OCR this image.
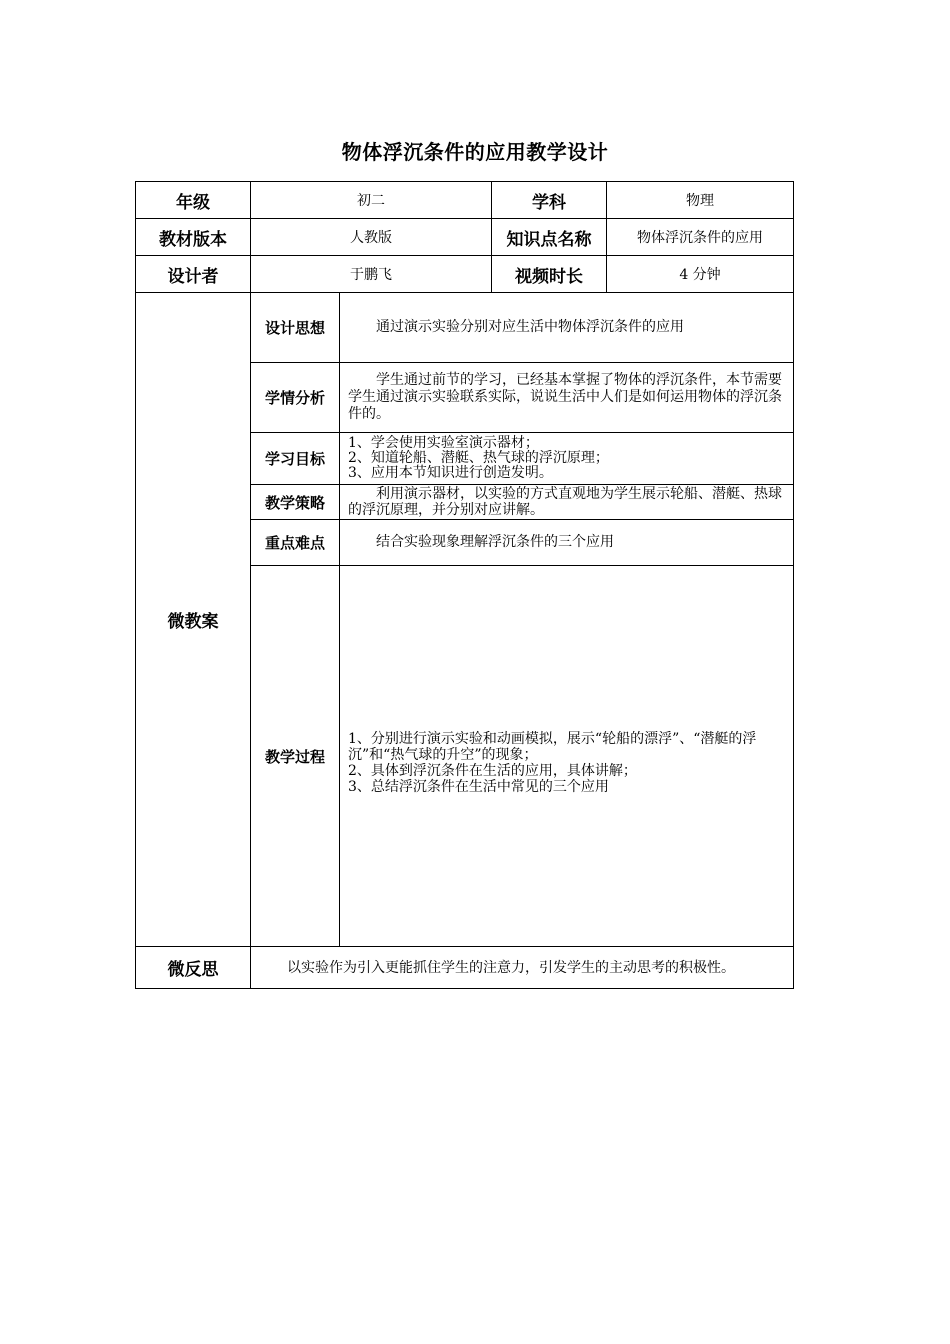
物体浮沉条件的应用教学设计
年级	初二		学科	物理
教材版本	人教版		知识点名称	物体浮沉条件的应用
设计者	于鹏飞		视频时长	4 分钟
微教案	设计思想	通过演示实验分别对应生活中物体浮沉条件的应用		
	学情分析	学生通过前节的学习，已经基本掌握了物体的浮沉条件，本节需要学生通过演示实验联系实际，说说生活中人们是如何运用物体的浮沉条件的。		
	学习目标	1、学会使用实验室演示器材；
2、知道轮船、潜艇、热气球的浮沉原理；
3、应用本节知识进行创造发明。		

	教学策略	利用演示器材，以实验的方式直观地为学生展示轮船、潜艇、热球的浮沉原理，并分别对应讲解。		
	重点难点	结合实验现象理解浮沉条件的三个应用		
	教学过程	1、分别进行演示实验和动画模拟，展示“轮船的漂浮”、“潜艇的浮沉”和“热气球的升空”的现象；
2、具体到浮沉条件在生活的应用，具体讲解；
3、总结浮沉条件在生活中常见的三个应用		

微反思	以实验作为引入更能抓住学生的注意力，引发学生的主动思考的积极性。			
